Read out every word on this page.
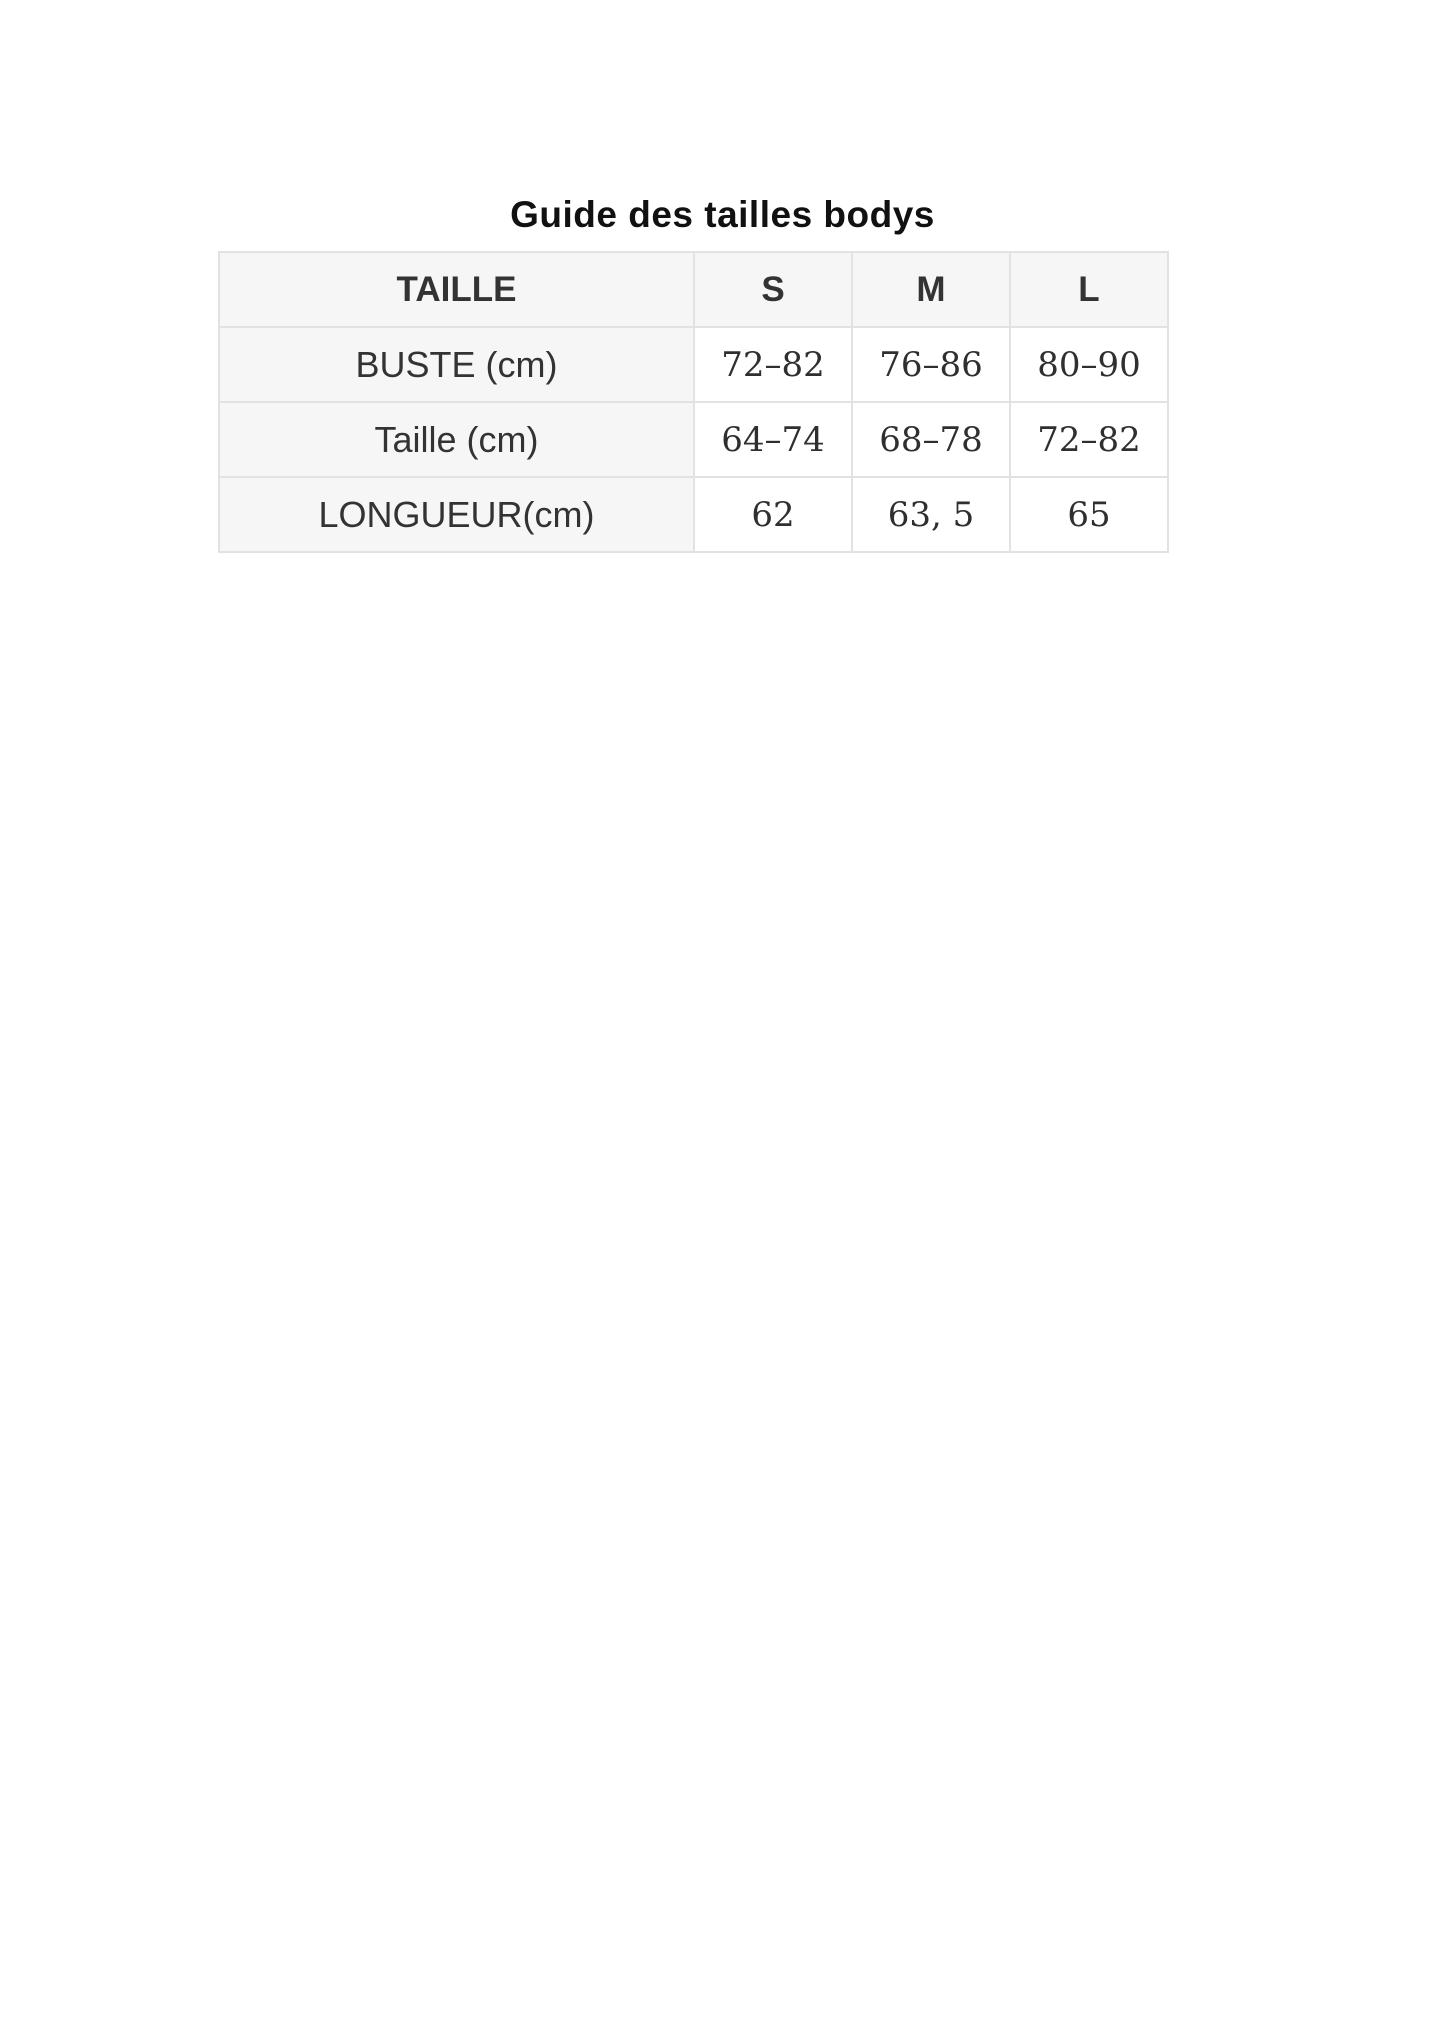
Guide des tailles bodys
TAILLE	S	M	L
BUSTE (cm)	72–82	76–86	80–90
Taille (cm)	64–74	68–78	72–82
LONGUEUR(cm)	62	63, 5	65
